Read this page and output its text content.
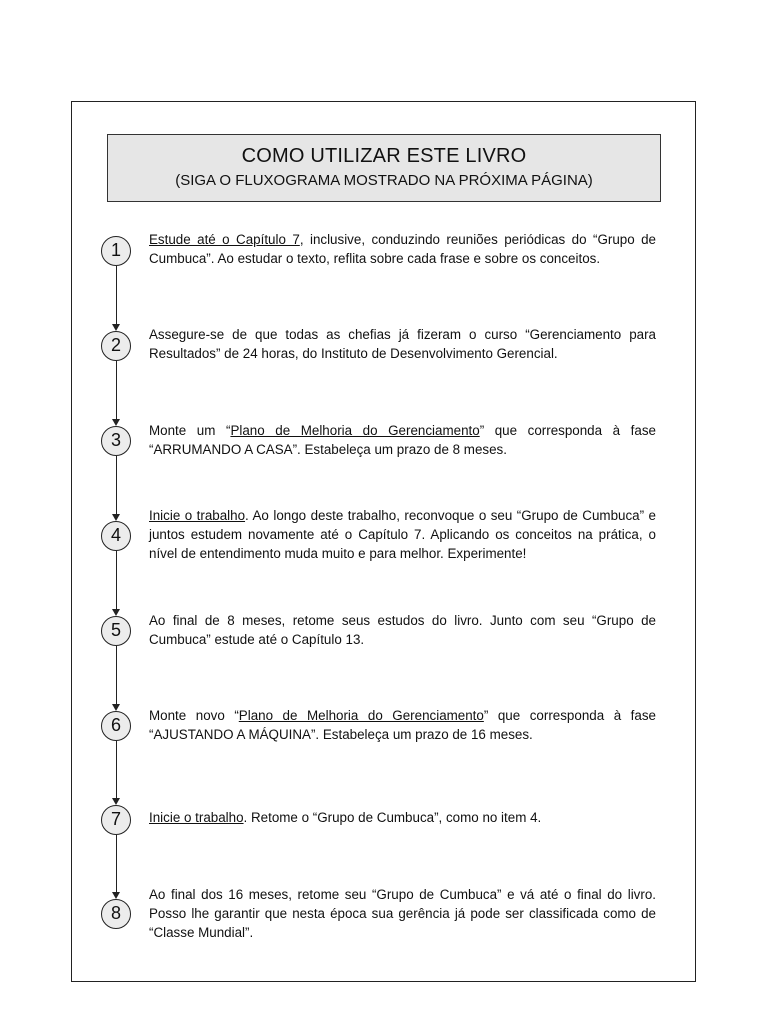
COMO UTILIZAR ESTE LIVRO
(SIGA O FLUXOGRAMA MOSTRADO NA PRÓXIMA PÁGINA)
1

Estude até o Capítulo 7, inclusive, conduzindo reuniões periódicas do “Grupo de Cumbuca”. Ao estudar o texto, reflita sobre cada frase e sobre os conceitos.

2

Assegure-se de que todas as chefias já fizeram o curso “Gerenciamento para Resultados” de 24 horas, do Instituto de Desenvolvimento Gerencial.

3	Monte um “Plano de Melhoria do Gerenciamento” que corresponda à fase “ARRUMANDO A CASA”. Estabeleça um prazo de 8 meses.

4

Inicie o trabalho. Ao longo deste trabalho, reconvoque o seu “Grupo de Cumbuca” e juntos estudem novamente até o Capítulo 7. Aplicando os conceitos na prática, o nível de entendimento muda muito e para melhor. Experimente!

5	Ao final de 8 meses, retome seus estudos do livro. Junto com seu “Grupo de Cumbuca” estude até o Capítulo 13.

6	Monte novo “Plano de Melhoria do Gerenciamento” que corresponda à fase “AJUSTANDO A MÁQUINA”. Estabeleça um prazo de 16 meses.

7	Inicie o trabalho. Retome o “Grupo de Cumbuca”, como no item 4.

8

Ao final dos 16 meses, retome seu “Grupo de Cumbuca” e vá até o final do livro. Posso lhe garantir que nesta época sua gerência já pode ser classificada como de “Classe Mundial”.
